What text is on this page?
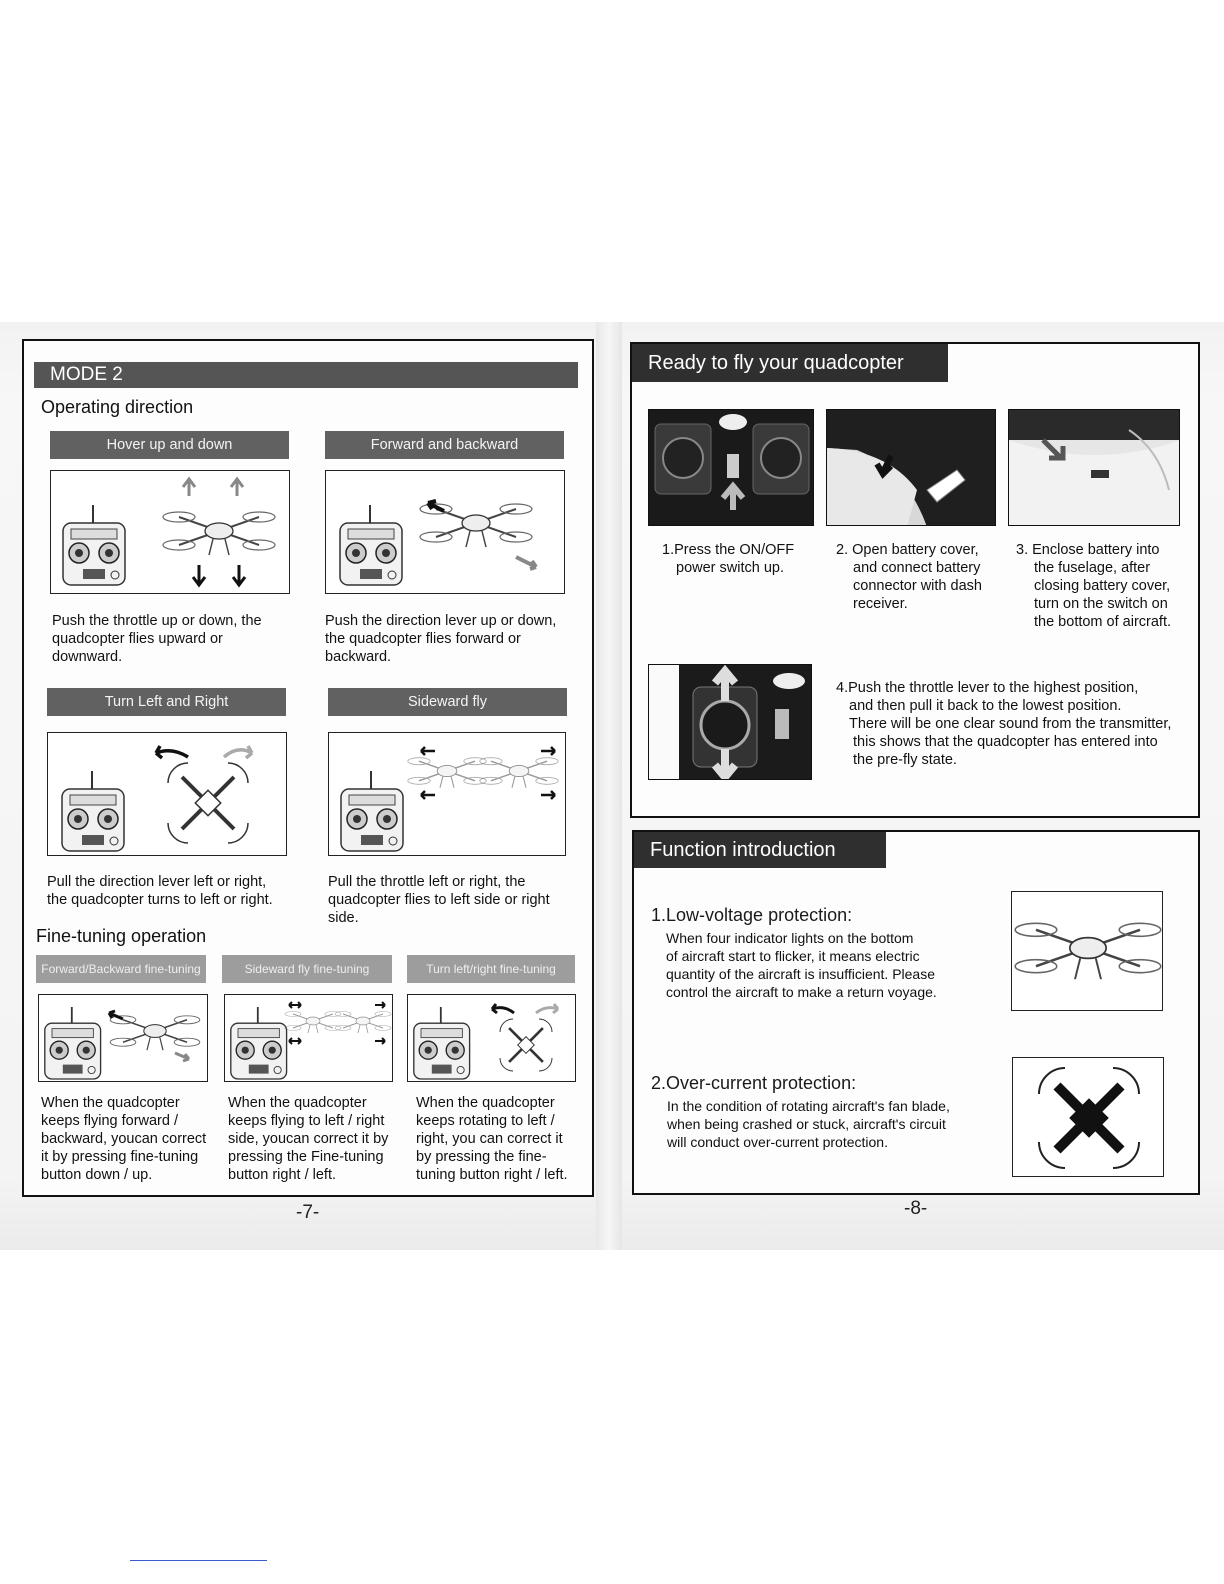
MODE 2
Operating direction
Hover up and down
Push the throttle up or down, the
quadcopter flies upward or
downward.
Forward and backward
Push the direction lever up or down,
the quadcopter flies forward or
backward.
Turn Left and Right
Pull the direction lever left or right,
the quadcopter turns to left or right.
Sideward fly
Pull the throttle left or right, the
quadcopter flies to left side or right
side.
Fine-tuning operation
Forward/Backward fine-tuning
When the quadcopter
keeps flying forward /
backward, youcan correct
it by pressing fine-tuning
button down / up.
Sideward fly fine-tuning
When the quadcopter
keeps flying to left / right
side, youcan correct it by
pressing the Fine-tuning
button right / left.
Turn left/right fine-tuning
When the quadcopter
keeps rotating to left /
right, you can correct it
by pressing the fine-
tuning button right / left.
-7-
Ready to fly your quadcopter
1.Press the ON/OFF
power switch up.
2. Open battery cover,
and connect battery
connector with dash
receiver.
3. Enclose battery into
the fuselage, after
closing battery cover,
turn on the switch on
the bottom of aircraft.
4.Push the throttle lever to the highest position,
and then pull it back to the lowest position.
There will be one clear sound from the transmitter,
this shows that the quadcopter has entered into
the pre-fly state.
Function introduction
1.Low-voltage protection:
When four indicator lights on the bottom
of aircraft start to flicker, it means electric
quantity of the aircraft is insufficient. Please
control the aircraft to make a return voyage.
2.Over-current protection:
In the condition of rotating aircraft's fan blade,
when being crashed or stuck, aircraft's circuit
will conduct over-current protection.
-8-
